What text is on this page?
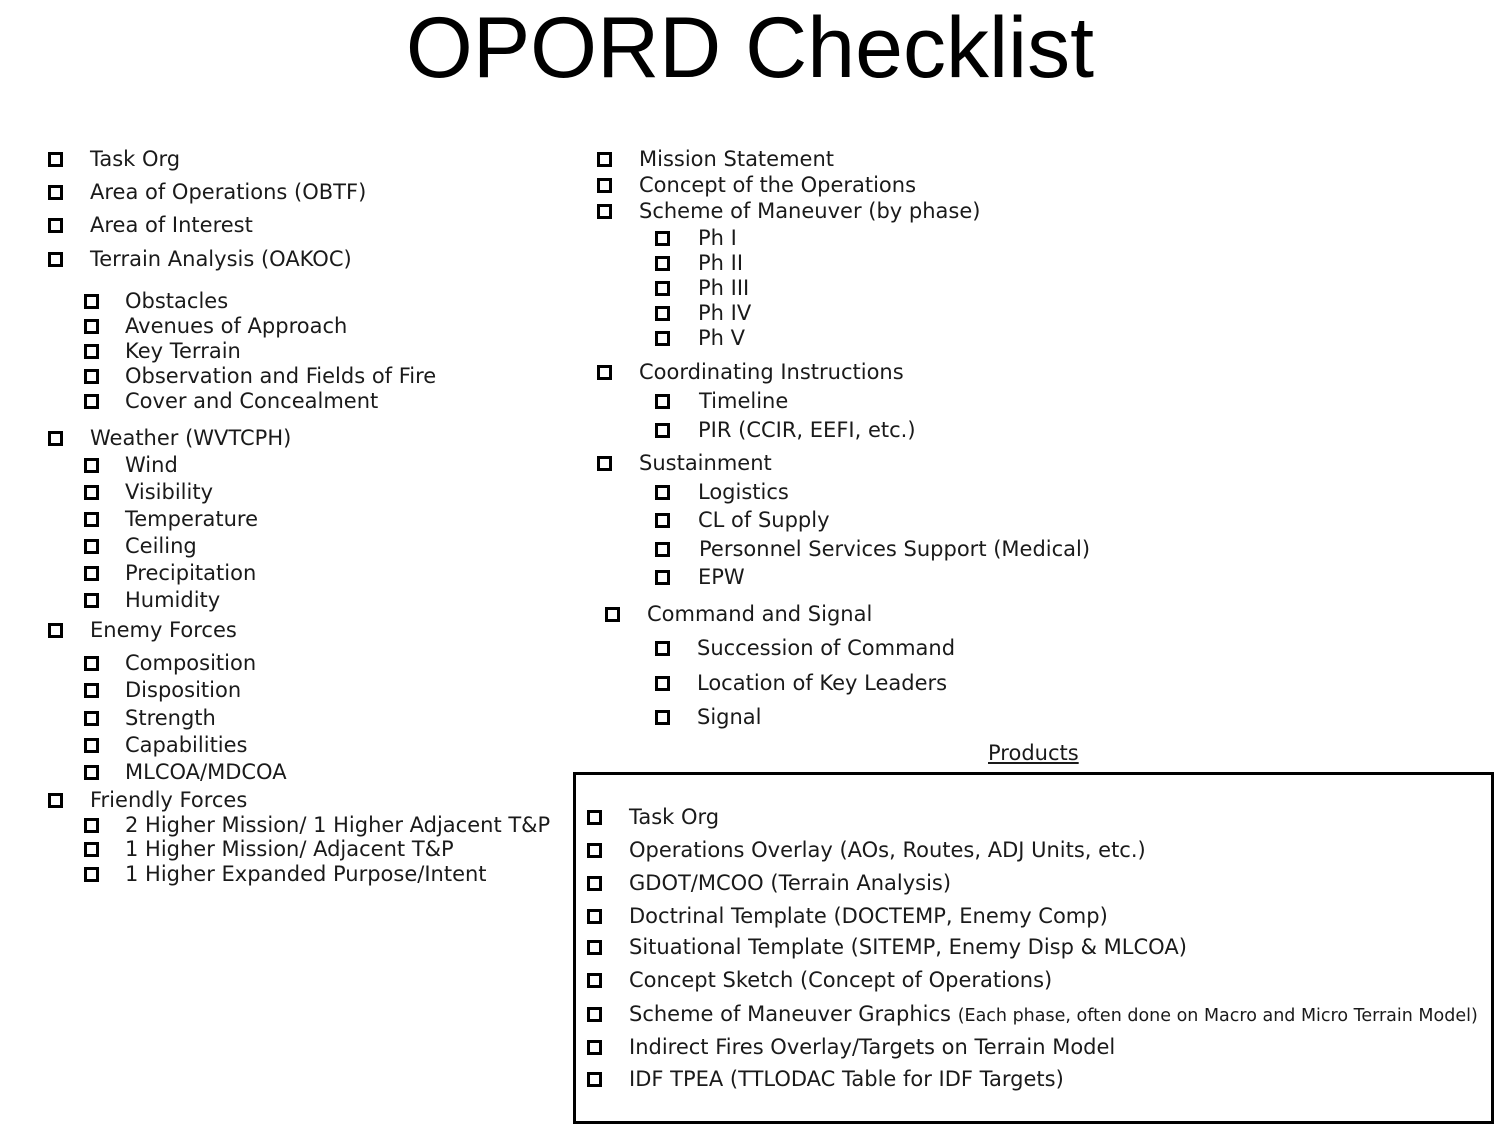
OPORD Checklist
Task Org
Area of Operations (OBTF)
Area of Interest
Terrain Analysis (OAKOC)
Obstacles
Avenues of Approach
Key Terrain
Observation and Fields of Fire
Cover and Concealment
Weather (WVTCPH)
Wind
Visibility
Temperature
Ceiling
Precipitation
Humidity
Enemy Forces
Composition
Disposition
Strength
Capabilities
MLCOA/MDCOA
Friendly Forces
2 Higher Mission/ 1 Higher Adjacent T&P
1 Higher Mission/ Adjacent T&P
1 Higher Expanded Purpose/Intent
Mission Statement
Concept of the Operations
Scheme of Maneuver (by phase)
Ph I
Ph II
Ph III
Ph IV
Ph V
Coordinating Instructions
Timeline
PIR (CCIR, EEFI, etc.)
Sustainment
Logistics
CL of Supply
Personnel Services Support (Medical)
EPW
Command and Signal
Succession of Command
Location of Key Leaders
Signal
Products
Task Org
Operations Overlay (AOs, Routes, ADJ Units, etc.)
GDOT/MCOO (Terrain Analysis)
Doctrinal Template (DOCTEMP, Enemy Comp)
Situational Template (SITEMP, Enemy Disp & MLCOA)
Concept Sketch (Concept of Operations)
Scheme of Maneuver Graphics (Each phase, often done on Macro and Micro Terrain Model)
Indirect Fires Overlay/Targets on Terrain Model
IDF TPEA (TTLODAC Table for IDF Targets)
